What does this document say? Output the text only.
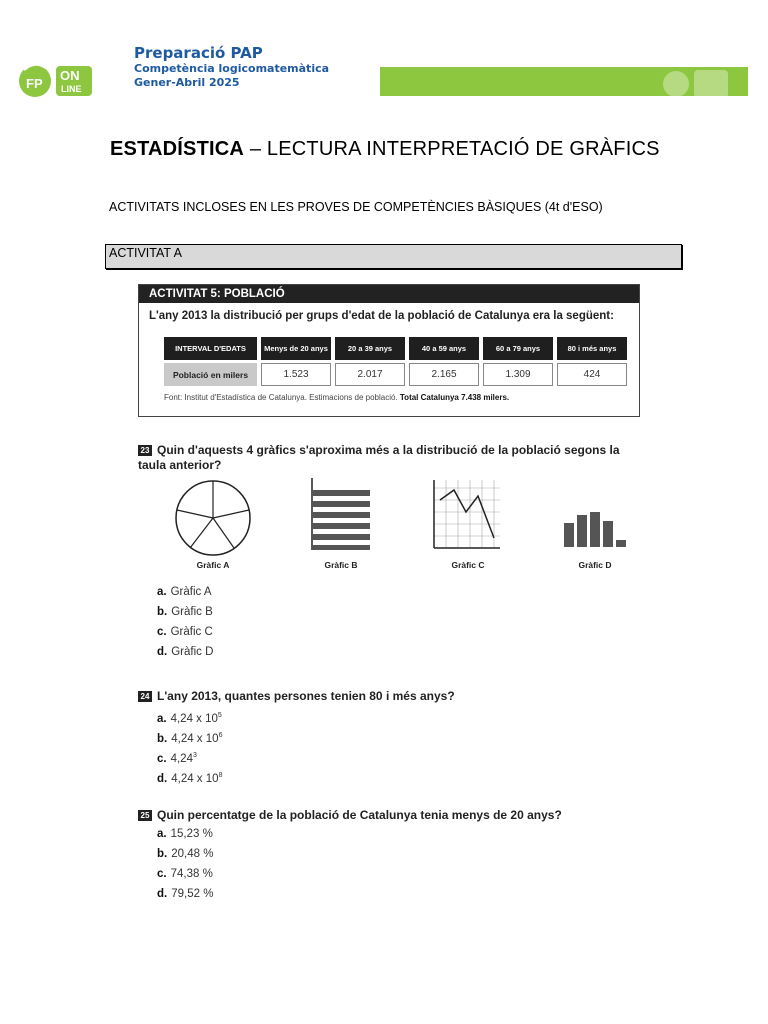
FP
ON
LINE
Preparació PAP
Competència logicomatemàtica
Gener-Abril 2025
ESTADÍSTICA – LECTURA INTERPRETACIÓ DE GRÀFICS
ACTIVITATS INCLOSES EN LES PROVES DE COMPETÈNCIES BÀSIQUES (4t d'ESO)
ACTIVITAT A
ACTIVITAT 5: POBLACIÓ
L'any 2013 la distribució per grups d'edat de la població de Catalunya era la següent:
INTERVAL D'EDATS	Menys de 20 anys	20 a 39 anys	40 a 59 anys	60 a 79 anys	80 i més anys
Població en milers	1.523	2.017	2.165	1.309	424
Font: Institut d'Estadística de Catalunya. Estimacions de població. Total Catalunya 7.438 milers.
23 Quin d'aquests 4 gràfics s'aproxima més a la distribució de la població segons la taula anterior?
Gràfic A	Gràfic B	Gràfic C	Gràfic D
a. Gràfic A
b. Gràfic B
c. Gràfic C
d. Gràfic D
24 L'any 2013, quantes persones tenien 80 i més anys?
a. 4,24 x $10^5$
b. 4,24 x $10^6$
c. 4,24$^3$
d. 4,24 x $10^8$
25 Quin percentatge de la població de Catalunya tenia menys de 20 anys?
a. 15,23 %
b. 20,48 %
c. 74,38 %
d. 79,52 %
